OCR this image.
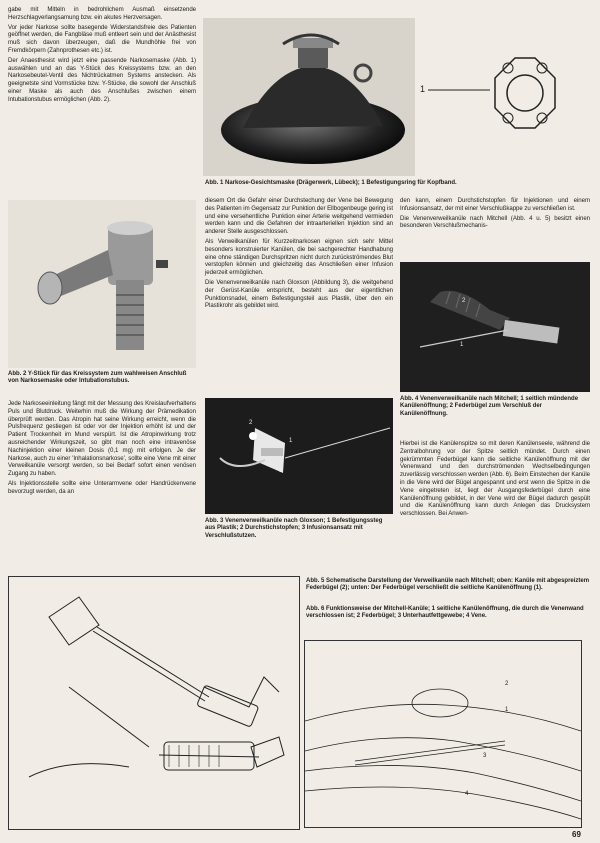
gabe mit Mitteln in bedrohlichem Ausmaß einsetzende Herzschlagverlangsamung bzw. ein akutes Herzversagen.

Vor jeder Narkose sollte basegende Widerstandsfreie des Patienten geöffnet werden, die Fangbläse muß entleert sein und der Anästhesist muß sich davon überzeugen, daß die Mundhöhle frei von Fremdkörpern (Zahnprothesen etc.) ist.

Der Anaesthesist wird jetzt eine passende Narkosemaske (Abb. 1) auswählen und an das Y-Stück des Kreissystems bzw. an den Narkosebeutel-Ventil des Nichtrückatmen Systems anstecken. Als geeignetste sind Vormstücke bzw. Y-Stücke, die sowohl der Anschluß einer Maske als auch des Anschlußes zwischen einem Intubationstubus ermöglichen (Abb. 2).

1
Abb. 1 Narkose-Gesichtsmaske (Drägerwerk, Lübeck); 1 Befestigungsring für Kopfband.
Abb. 2 Y-Stück für das Kreissystem zum wahlweisen Anschluß von Narkosemaske oder Intubationstubus.

Jede Narkoseeinleitung fängt mit der Messung des Kreislaufverhaltens Puls und Blutdruck. Weiterhin muß die Wirkung der Prämedikation überprüft werden. Das Atropin hat seine Wirkung erreicht, wenn die Pulsfrequenz gestiegen ist oder vor der Injektion erhöht ist und der Patient Trockenheit im Mund verspürt. Ist die Atropinwirkung trotz ausreichender Wirkungszeit, so gibt man noch eine intravenöse Nachinjektion einer kleinen Dosis (0,1 mg) mit erfolgen. Je der Narkose, auch zu einer 'Inhalationsnarkose', sollte eine Vene mit einer Verweilkanüle versorgt werden, so bei Bedarf sofort einen venösen Zugang zu haben.

Als Injektionsstelle sollte eine Unterarmvene oder Handrückenvene bevorzugt werden, da an

diesem Ort die Gefahr einer Durchstechung der Vene bei Bewegung des Patienten im Gegensatz zur Punktion der Ellbogenbeuge gering ist und eine versehentliche Punktion einer Arterie weitgehend vermieden werden kann und die Gefahren der intraarteriellen Injektion sind an anderer Stelle ausgeschlossen.

Als Verweilkanülen für Kurzzeitnarkosen eignen sich sehr Mittel besonders konstruierter Kanülen, die bei sachgerechter Handhabung eine ohne ständigen Durchspritzen nicht durch zurückströmendes Blut verstopfen können und gleichzeitig das Anschließen einer Infusion jederzeit ermöglichen.

Die Venenverweilkanüle nach Gloxson (Abbildung 3), die weitgehend der Gerüst-Kanüle entspricht, besteht aus der eigentlichen Punktionsnadel, einem Befestigungsteil aus Plastik, über den ein Plastikrohr als gebildet wird.

1
2
3
Abb. 3 Venenverweilkanüle nach Gloxson; 1 Befestigungssteg aus Plastik; 2 Durchstichstopfen; 3 Infusionsansatz mit Verschlußstutzen.

den kann, einem Durchstichstopfen für Injektionen und einem Infusionsansatz, der mit einer Verschlußkappe zu verschließen ist.

Die Venenverweilkanüle nach Mitchell (Abb. 4 u. 5) besitzt einen besonderen Verschlußmechanis-

1
2
Abb. 4 Venenverweilkanüle nach Mitchell; 1 seitlich mündende Kanülenöffnung; 2 Federbügel zum Verschluß der Kanülenöffnung.

Hierbei ist die Kanülenspitze so mit deren Kanülenseele, während die Zentralbohrung vor der Spitze seitlich mündet. Durch einen gekrümmten Federbügel kann die seitliche Kanülenöffnung mit der Venenwand und den durchströmenden Wechselbedingungen zuverlässig verschlossen werden (Abb. 6). Beim Einstechen der Kanüle in die Vene wird der Bügel angespannt und erst wenn die Spitze in die Vene eingetreten ist, liegt der Ausgangsfederbügel durch eine Kanülenöffnung gebildet, in der Vene wird der Bügel dadurch gespült und die Kanülenöffnung kann durch Anlegen das Drucksystem verschlossen. Bei Anwen-

Abb. 5 Schematische Darstellung der Verweilkanüle nach Mitchell; oben: Kanüle mit abgespreiztem Federbügel (2); unten: Der Federbügel verschließt die seitliche Kanülenöffnung (1).
Abb. 6 Funktionsweise der Mitchell-Kanüle; 1 seitliche Kanülenöffnung, die durch die Venenwand verschlossen ist; 2 Federbügel; 3 Unterhautfettgewebe; 4 Vene.
1
2
3
4
69
